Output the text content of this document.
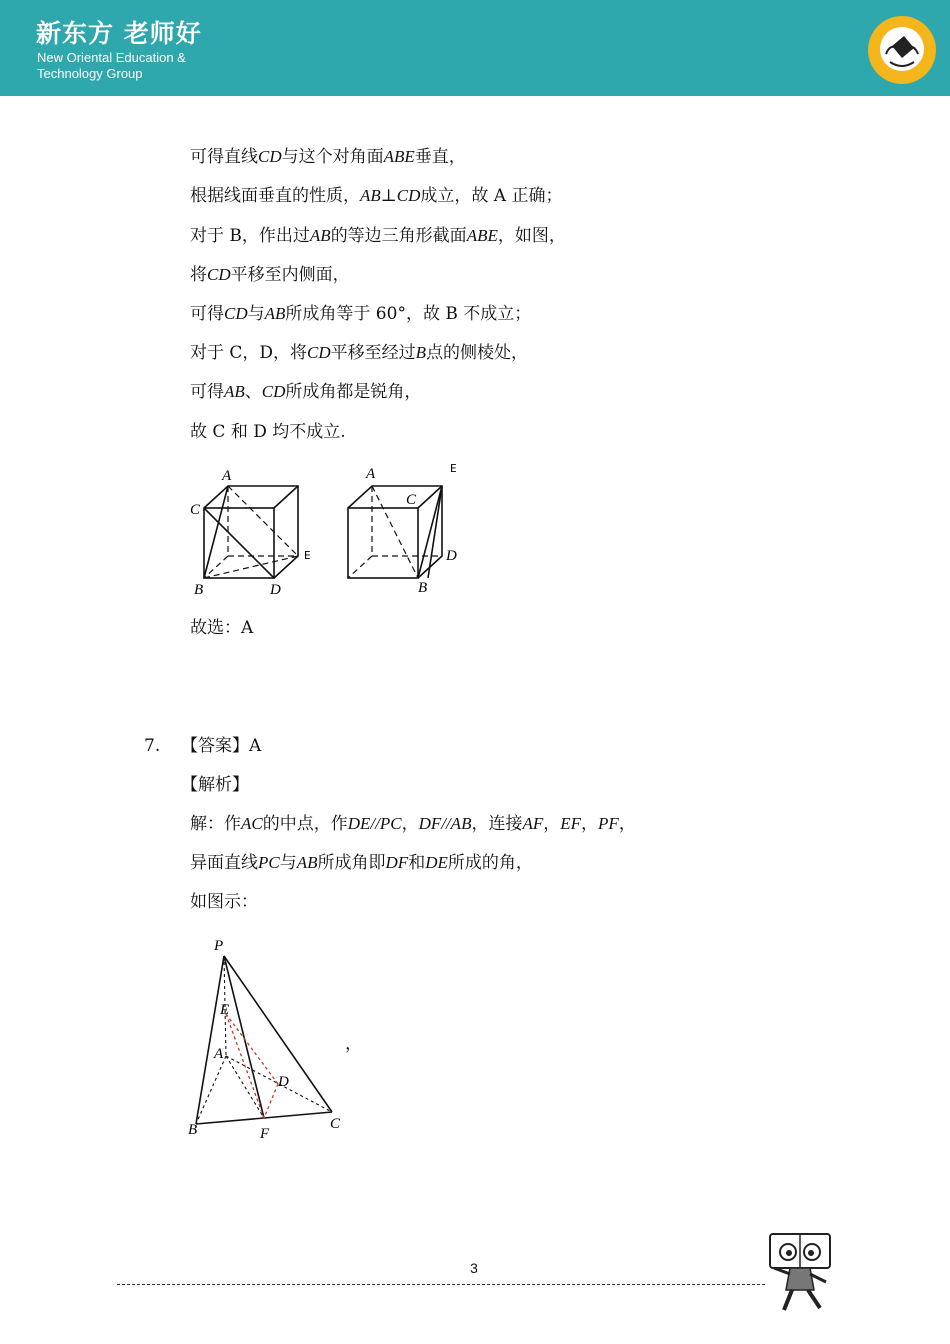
新东方 老师好
New Oriental Education &
Technology Group
可得直线CD与这个对角面ABE垂直，
根据线面垂直的性质，AB⊥CD成立，故 A 正确；
对于 B，作出过AB的等边三角形截面ABE，如图，
将CD平移至内侧面，
可得CD与AB所成角等于 60°，故 B 不成立；
对于 C，D，将CD平移至经过B点的侧棱处，
可得AB、CD所成角都是锐角，
故 C 和 D 均不成立.
A
C
B	D
E
A
C
B
D
E
故选：A
7. 【答案】A
【解析】
解：作AC的中点，作DE//PC，DF//AB，连接AF，EF，PF，
异面直线PC与AB所成角即DF和DE所成的角，
如图示：
P
E
A
D
B	F
C
，
3
